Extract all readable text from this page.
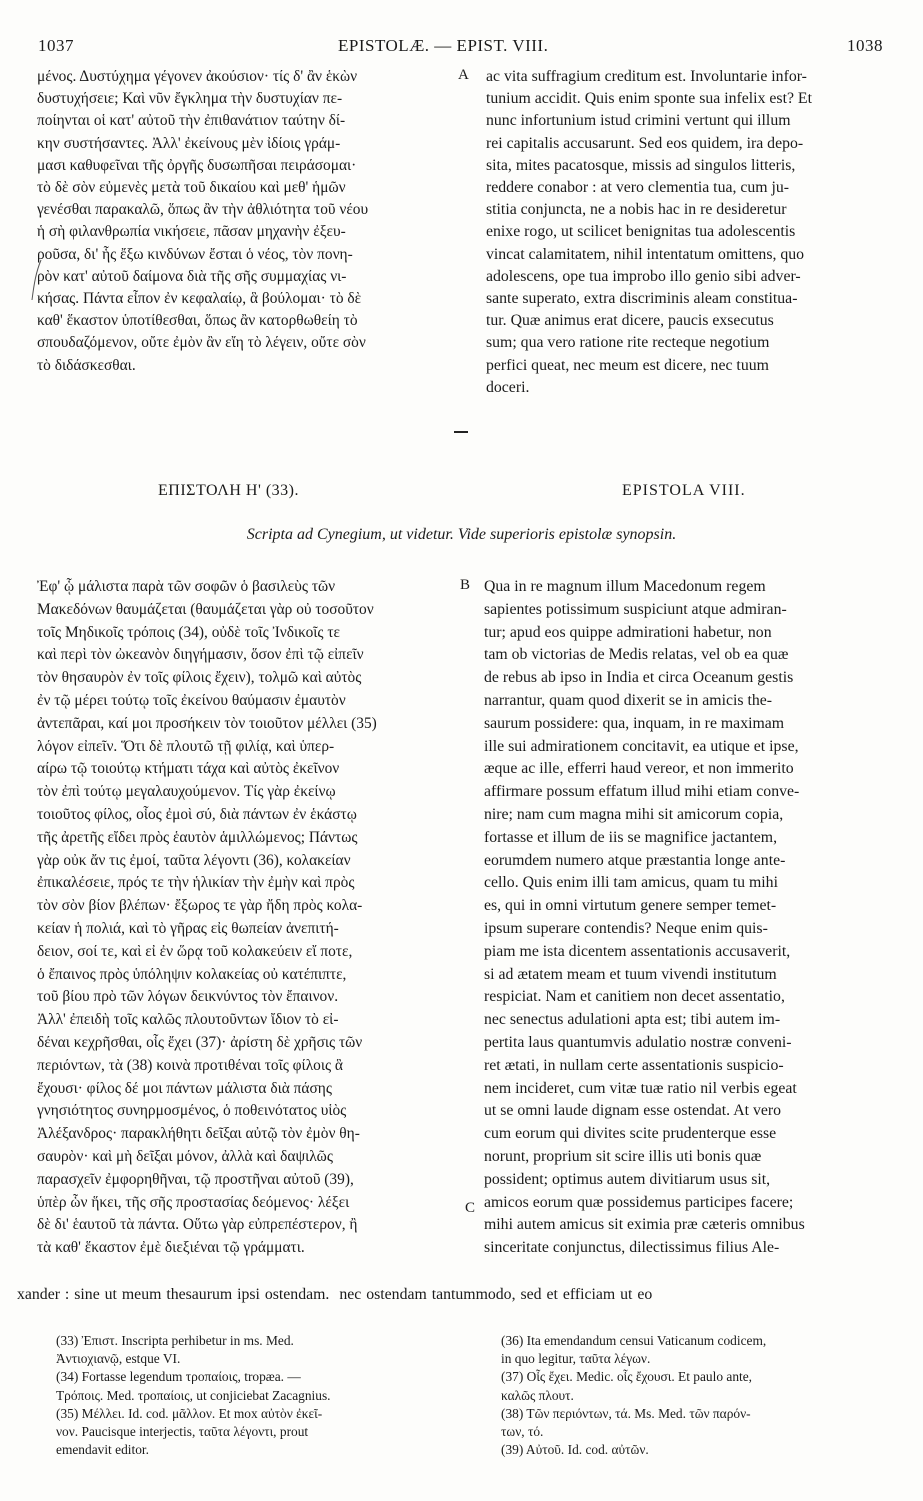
1037	EPISTOLÆ. — EPIST. VIII.	1038
A
B
C
μένος. Δυστύχημα γέγονεν ἀκούσιον· τίς δ' ἂν ἑκὼν
δυστυχήσειε; Καὶ νῦν ἔγκλημα τὴν δυστυχίαν πε-
ποίηνται οἱ κατ' αὐτοῦ τὴν ἐπιθανάτιον ταύτην δί-
κην συστήσαντες. Ἀλλ' ἐκείνους μὲν ἰδίοις γράμ-
μασι καθυφεῖναι τῆς ὀργῆς δυσωπῆσαι πειράσομαι·
τὸ δὲ σὸν εὐμενὲς μετὰ τοῦ δικαίου καὶ μεθ' ἡμῶν
γενέσθαι παρακαλῶ, ὅπως ἂν τὴν ἀθλιότητα τοῦ νέου
ἡ σὴ φιλανθρωπία νικήσειε, πᾶσαν μηχανὴν ἐξευ-
ροῦσα, δι' ἧς ἔξω κινδύνων ἔσται ὁ νέος, τὸν πονη-
ρὸν κατ' αὐτοῦ δαίμονα διὰ τῆς σῆς συμμαχίας νι-
κήσας. Πάντα εἶπον ἐν κεφαλαίῳ, ἃ βούλομαι· τὸ δὲ
καθ' ἕκαστον ὑποτίθεσθαι, ὅπως ἂν κατορθωθείη τὸ
σπουδαζόμενον, οὔτε ἐμὸν ἂν εἴη τὸ λέγειν, οὔτε σὸν
τὸ διδάσκεσθαι.
ac vita suffragium creditum est. Involuntarie infor-
tunium accidit. Quis enim sponte sua infelix est? Et
nunc infortunium istud crimini vertunt qui illum
rei capitalis accusarunt. Sed eos quidem, ira depo-
sita, mites pacatosque, missis ad singulos litteris,
reddere conabor : at vero clementia tua, cum ju-
stitia conjuncta, ne a nobis hac in re desideretur
enixe rogo, ut scilicet benignitas tua adolescentis
vincat calamitatem, nihil intentatum omittens, quo
adolescens, ope tua improbo illo genio sibi adver-
sante superato, extra discriminis aleam constitua-
tur. Quæ animus erat dicere, paucis exsecutus
sum; qua vero ratione rite recteque negotium
perfici queat, nec meum est dicere, nec tuum
doceri.
ΕΠΙΣΤΟΛΗ Η' (33).	EPISTOLA VIII.
Scripta ad Cynegium, ut videtur. Vide superioris epistolæ synopsin.
Ἐφ' ᾧ μάλιστα παρὰ τῶν σοφῶν ὁ βασιλεὺς τῶν
Μακεδόνων θαυμάζεται (θαυμάζεται γὰρ οὐ τοσοῦτον
τοῖς Μηδικοῖς τρόποις (34), οὐδὲ τοῖς Ἰνδικοῖς τε
καὶ περὶ τὸν ὠκεανὸν διηγήμασιν, ὅσον ἐπὶ τῷ εἰπεῖν
τὸν θησαυρὸν ἐν τοῖς φίλοις ἔχειν), τολμῶ καὶ αὐτὸς
ἐν τῷ μέρει τούτῳ τοῖς ἐκείνου θαύμασιν ἐμαυτὸν
ἀντεπᾶραι, καί μοι προσήκειν τὸν τοιοῦτον μέλλει (35)
λόγον εἰπεῖν. Ὅτι δὲ πλουτῶ τῇ φιλίᾳ, καὶ ὑπερ-
αίρω τῷ τοιούτῳ κτήματι τάχα καὶ αὐτὸς ἐκεῖνον
τὸν ἐπὶ τούτῳ μεγαλαυχούμενον. Τίς γὰρ ἐκείνῳ
τοιοῦτος φίλος, οἷος ἐμοὶ σύ, διὰ πάντων ἐν ἑκάστῳ
τῆς ἀρετῆς εἴδει πρὸς ἑαυτὸν ἁμιλλώμενος; Πάντως
γὰρ οὐκ ἄν τις ἐμοί, ταῦτα λέγοντι (36), κολακείαν
ἐπικαλέσειε, πρός τε τὴν ἡλικίαν τὴν ἐμὴν καὶ πρὸς
τὸν σὸν βίον βλέπων· ἔξωρος τε γὰρ ἤδη πρὸς κολα-
κείαν ἡ πολιά, καὶ τὸ γῆρας εἰς θωπείαν ἀνεπιτή-
δειον, σοί τε, καὶ εἰ ἐν ὥρᾳ τοῦ κολακεύειν εἴ ποτε,
ὁ ἔπαινος πρὸς ὑπόληψιν κολακείας οὐ κατέπιπτε,
τοῦ βίου πρὸ τῶν λόγων δεικνύντος τὸν ἔπαινον.
Ἀλλ' ἐπειδὴ τοῖς καλῶς πλουτοῦντων ἴδιον τὸ εἰ-
δέναι κεχρῆσθαι, οἷς ἔχει (37)· ἀρίστη δὲ χρῆσις τῶν
περιόντων, τὰ (38) κοινὰ προτιθέναι τοῖς φίλοις ἃ
ἔχουσι· φίλος δέ μοι πάντων μάλιστα διὰ πάσης
γνησιότητος συνηρμοσμένος, ὁ ποθεινότατος υἱὸς
Ἀλέξανδρος· παρακλήθητι δεῖξαι αὐτῷ τὸν ἐμὸν θη-
σαυρὸν· καὶ μὴ δεῖξαι μόνον, ἀλλὰ καὶ δαψιλῶς
παρασχεῖν ἐμφορηθῆναι, τῷ προστῆναι αὐτοῦ (39),
ὑπὲρ ὧν ἥκει, τῆς σῆς προστασίας δεόμενος· λέξει
δὲ δι' ἑαυτοῦ τὰ πάντα. Οὕτω γὰρ εὐπρεπέστερον, ἢ
τὰ καθ' ἕκαστον ἐμὲ διεξιέναι τῷ γράμματι.
Qua in re magnum illum Macedonum regem
sapientes potissimum suspiciunt atque admiran-
tur; apud eos quippe admirationi habetur, non
tam ob victorias de Medis relatas, vel ob ea quæ
de rebus ab ipso in India et circa Oceanum gestis
narrantur, quam quod dixerit se in amicis the-
saurum possidere: qua, inquam, in re maximam
ille sui admirationem concitavit, ea utique et ipse,
æque ac ille, efferri haud vereor, et non immerito
affirmare possum effatum illud mihi etiam conve-
nire; nam cum magna mihi sit amicorum copia,
fortasse et illum de iis se magnifice jactantem,
eorumdem numero atque præstantia longe ante-
cello. Quis enim illi tam amicus, quam tu mihi
es, qui in omni virtutum genere semper temet-
ipsum superare contendis? Neque enim quis-
piam me ista dicentem assentationis accusaverit,
si ad ætatem meam et tuum vivendi institutum
respiciat. Nam et canitiem non decet assentatio,
nec senectus adulationi apta est; tibi autem im-
pertita laus quantumvis adulatio nostræ conveni-
ret ætati, in nullam certe assentationis suspicio-
nem incideret, cum vitæ tuæ ratio nil verbis egeat
ut se omni laude dignam esse ostendat. At vero
cum eorum qui divites scite prudenterque esse
norunt, proprium sit scire illis uti bonis quæ
possident; optimus autem divitiarum usus sit,
amicos eorum quæ possidemus participes facere;
mihi autem amicus sit eximia præ cæteris omnibus
sinceritate conjunctus, dilectissimus filius Ale-
xander : sine ut meum thesaurum ipsi ostendam. nec ostendam tantummodo, sed et efficiam ut eo
(33) Ἐπιστ. Inscripta perhibetur in ms. Med.
Ἀντιοχιανῷ, estque VI.
(34) Fortasse legendum τροπαίοις, tropæa. —
Τρόποις. Med. τροπαίοις, ut conjiciebat Zacagnius.
(35) Μέλλει. Id. cod. μᾶλλον. Et mox αὐτὸν ἐκεῖ-
νον. Paucisque interjectis, ταῦτα λέγοντι, prout
emendavit editor.
(36) Ita emendandum censui Vaticanum codicem,
in quo legitur, ταῦτα λέγων.
(37) Οἷς ἔχει. Medic. οἷς ἔχουσι. Et paulo ante,
καλῶς πλουτ.
(38) Τῶν περιόντων, τά. Ms. Med. τῶν παρόν-
των, τό.
(39) Αὐτοῦ. Id. cod. αὐτῶν.
